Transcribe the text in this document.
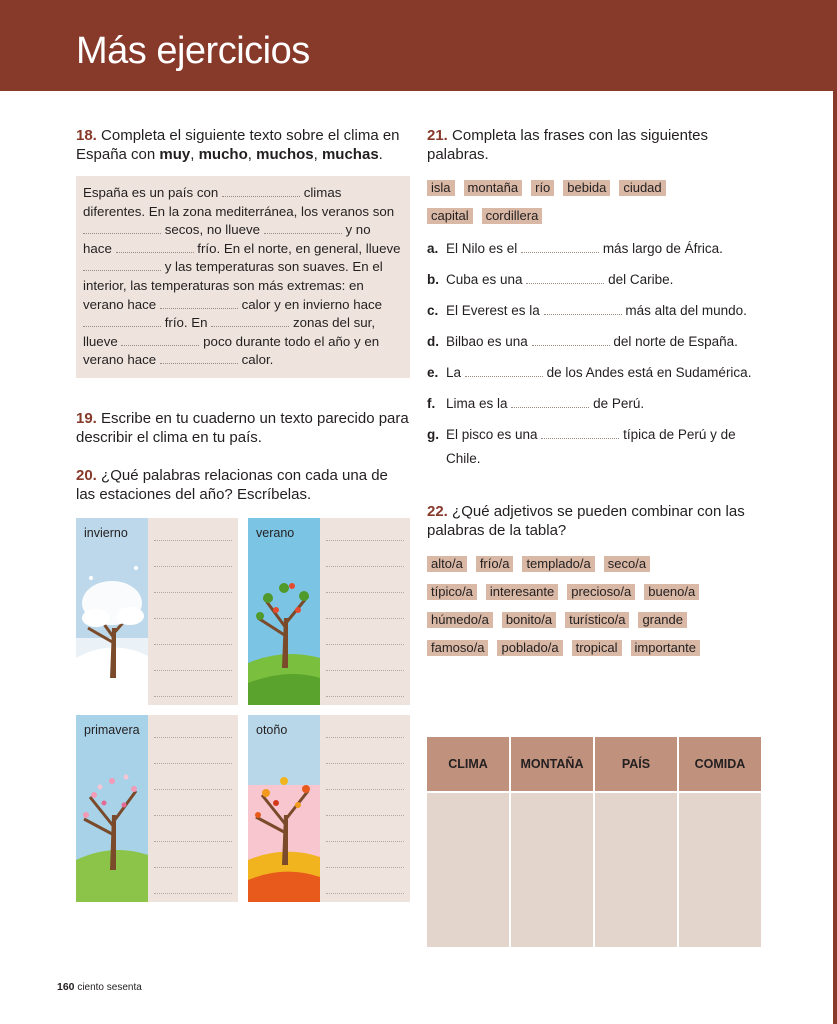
Más ejercicios

18. Completa el siguiente texto sobre el clima en España con muy, mucho, muchos, muchas.

España es un país con	climas diferentes. En la zona mediterránea, los veranos son  secos, no llueve	y no hace	frío. En el norte, en general, llueve  y las temperaturas son suaves. En el interior, las temperaturas son más extremas: en verano hace	calor y en invierno hace  frío. En	zonas del sur, llueve	poco durante todo el año y en verano hace	calor.

19. Escribe en tu cuaderno un texto parecido para describir el clima en tu país.

20. ¿Qué palabras relacionas con cada una de las estaciones del año? Escríbelas.

invierno	verano
primavera	otoño

21. Completa las frases con las siguientes palabras.

isla montaña río bebida ciudad
capital cordillera
a. El Nilo es el	más largo de África.
b. Cuba es una	del Caribe.
c. El Everest es la	más alta del mundo.
d. Bilbao es una	del norte de España.
e. La	de los Andes está en Sudamérica.
f. Lima es la	de Perú.
g. El pisco es una	típica de Perú y de Chile.

22. ¿Qué adjetivos se pueden combinar con las palabras de la tabla?

alto/a frío/a templado/a seco/a
típico/a interesante precioso/a bueno/a
húmedo/a bonito/a turístico/a grande
famoso/a poblado/a tropical importante
CLIMA	MONTAÑA	PAÍS	COMIDA
160 ciento sesenta
